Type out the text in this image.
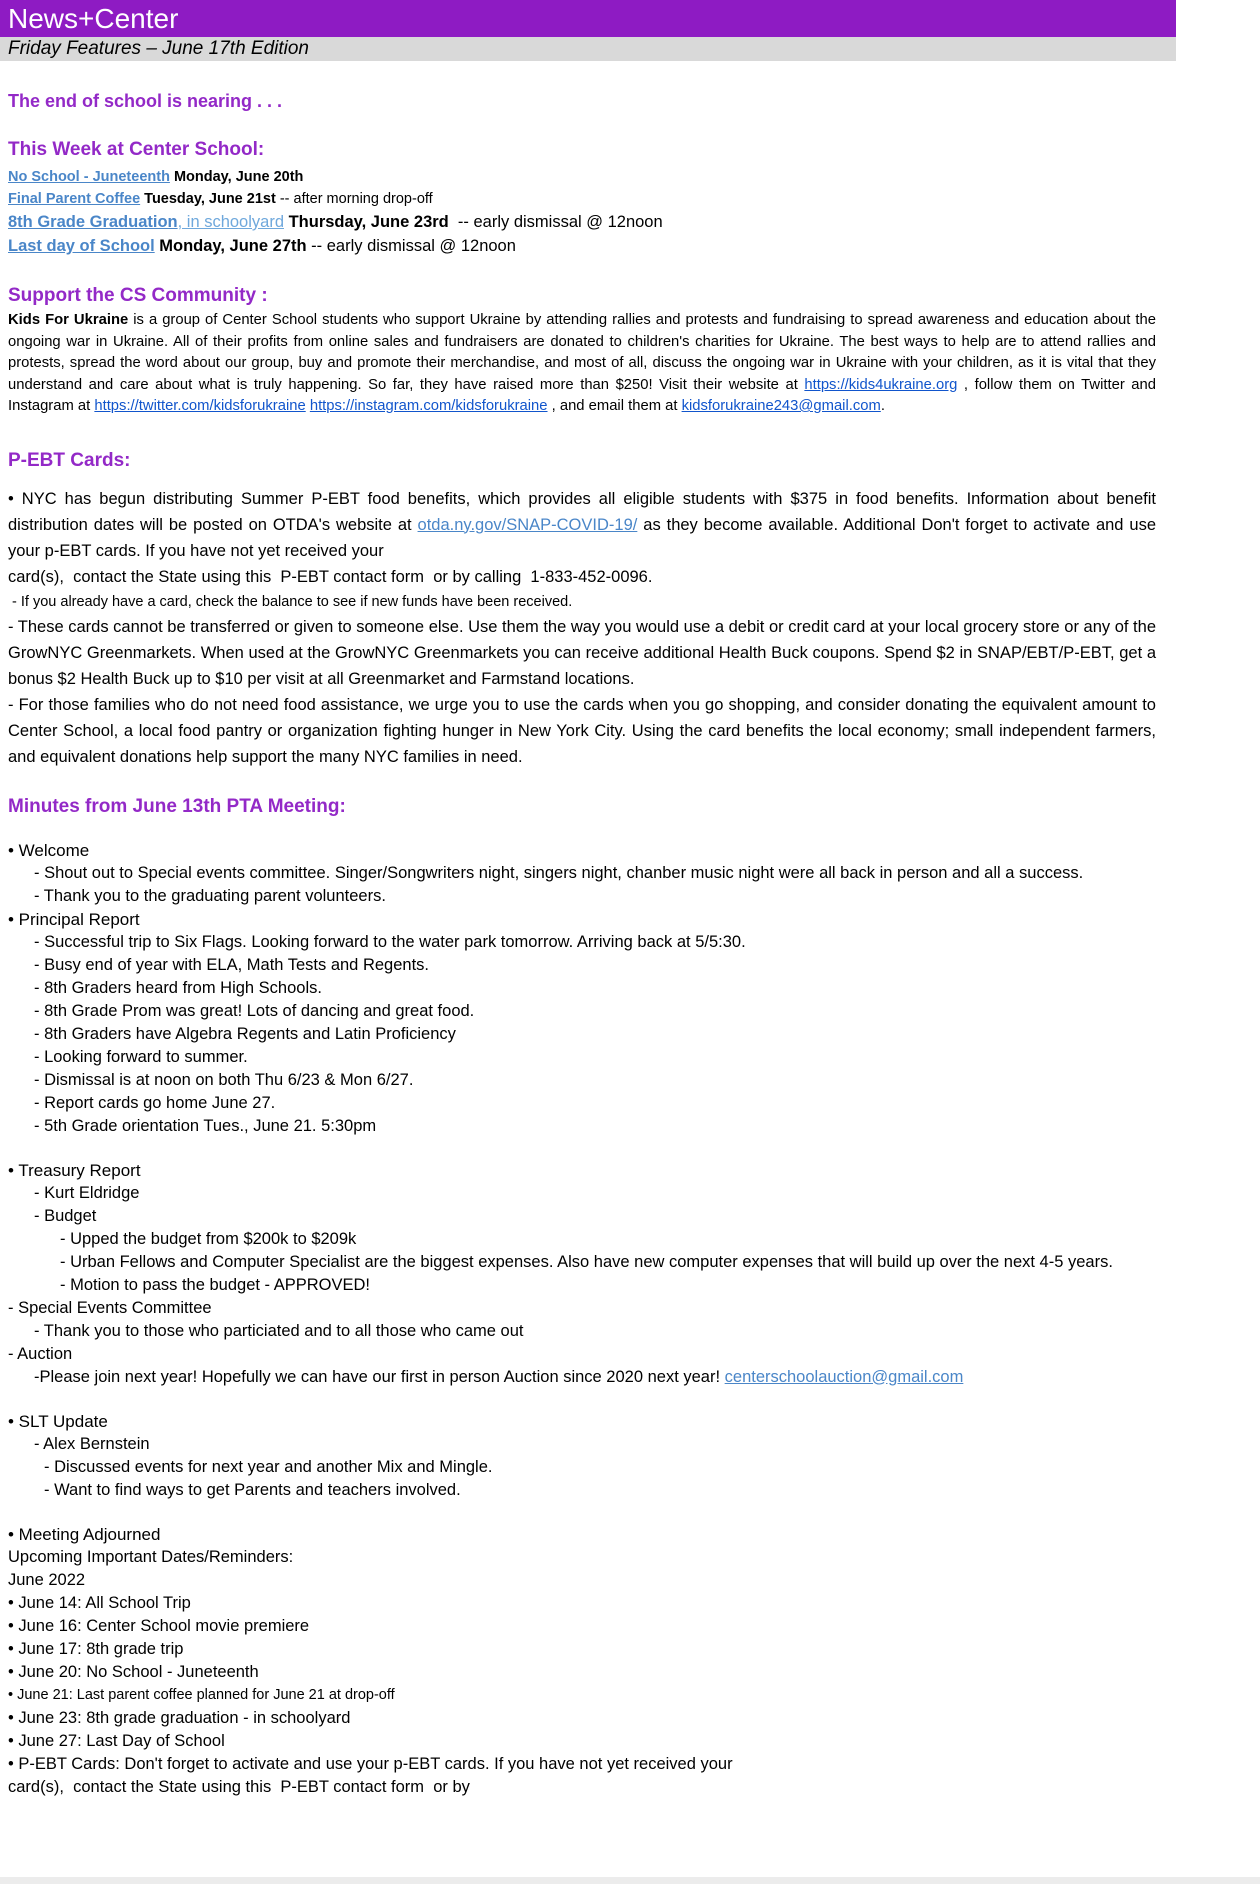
News+Center
Friday Features – June 17th Edition

The end of school is nearing . . .

This Week at Center School:

No School - Juneteenth Monday, June 20th
Final Parent Coffee Tuesday, June 21st -- after morning drop-off
8th Grade Graduation, in schoolyard Thursday, June 23rd  -- early dismissal @ 12noon
Last day of School Monday, June 27th -- early dismissal @ 12noon

Support the CS Community :

Kids For Ukraine is a group of Center School students who support Ukraine by attending rallies and protests and fundraising to spread awareness and education about the ongoing war in Ukraine. All of their profits from online sales and fundraisers are donated to children's charities for Ukraine. The best ways to help are to attend rallies and protests, spread the word about our group, buy and promote their merchandise, and most of all, discuss the ongoing war in Ukraine with your children, as it is vital that they understand and care about what is truly happening. So far, they have raised more than $250! Visit their website at https://kids4ukraine.org , follow them on Twitter and Instagram at https://twitter.com/kidsforukraine https://instagram.com/kidsforukraine , and email them at kidsforukraine243@gmail.com.

P-EBT Cards:

• NYC has begun distributing Summer P-EBT food benefits, which provides all eligible students with $375 in food benefits. Information about benefit distribution dates will be posted on OTDA's website at otda.ny.gov/SNAP-COVID-19/ as they become available. Additional Don't forget to activate and use your p-EBT cards. If you have not yet received your

card(s),  contact the State using this  P-EBT contact form  or by calling  1-833-452-0096.
- If you already have a card, check the balance to see if new funds have been received.

- These cards cannot be transferred or given to someone else. Use them the way you would use a debit or credit card at your local grocery store or any of the GrowNYC Greenmarkets. When used at the GrowNYC Greenmarkets you can receive additional Health Buck coupons. Spend $2 in SNAP/EBT/P-EBT, get a bonus $2 Health Buck up to $10 per visit at all Greenmarket and Farmstand locations.

- For those families who do not need food assistance, we urge you to use the cards when you go shopping, and consider donating the equivalent amount to Center School, a local food pantry or organization fighting hunger in New York City. Using the card benefits the local economy; small independent farmers, and equivalent donations help support the many NYC families in need.

Minutes from June 13th PTA Meeting:

• Welcome
- Shout out to Special events committee. Singer/Songwriters night, singers night, chanber music night were all back in person and all a success.
- Thank you to the graduating parent volunteers.
• Principal Report
- Successful trip to Six Flags. Looking forward to the water park tomorrow. Arriving back at 5/5:30.
- Busy end of year with ELA, Math Tests and Regents.
- 8th Graders heard from High Schools.
- 8th Grade Prom was great! Lots of dancing and great food.
- 8th Graders have Algebra Regents and Latin Proficiency
- Looking forward to summer.
- Dismissal is at noon on both Thu 6/23 & Mon 6/27.
- Report cards go home June 27.
- 5th Grade orientation Tues., June 21. 5:30pm
• Treasury Report
- Kurt Eldridge
- Budget
- Upped the budget from $200k to $209k
- Urban Fellows and Computer Specialist are the biggest expenses. Also have new computer expenses that will build up over the next 4-5 years.
- Motion to pass the budget - APPROVED!
- Special Events Committee
- Thank you to those who particiated and to all those who came out
- Auction
-Please join next year! Hopefully we can have our first in person Auction since 2020 next year! centerschoolauction@gmail.com
• SLT Update
- Alex Bernstein
- Discussed events for next year and another Mix and Mingle.
- Want to find ways to get Parents and teachers involved.
• Meeting Adjourned
Upcoming Important Dates/Reminders:
June 2022
• June 14: All School Trip
• June 16: Center School movie premiere
• June 17: 8th grade trip
• June 20: No School - Juneteenth
• June 21: Last parent coffee planned for June 21 at drop-off
• June 23: 8th grade graduation - in schoolyard
• June 27: Last Day of School
• P-EBT Cards: Don't forget to activate and use your p-EBT cards. If you have not yet received your
card(s),  contact the State using this  P-EBT contact form  or by
